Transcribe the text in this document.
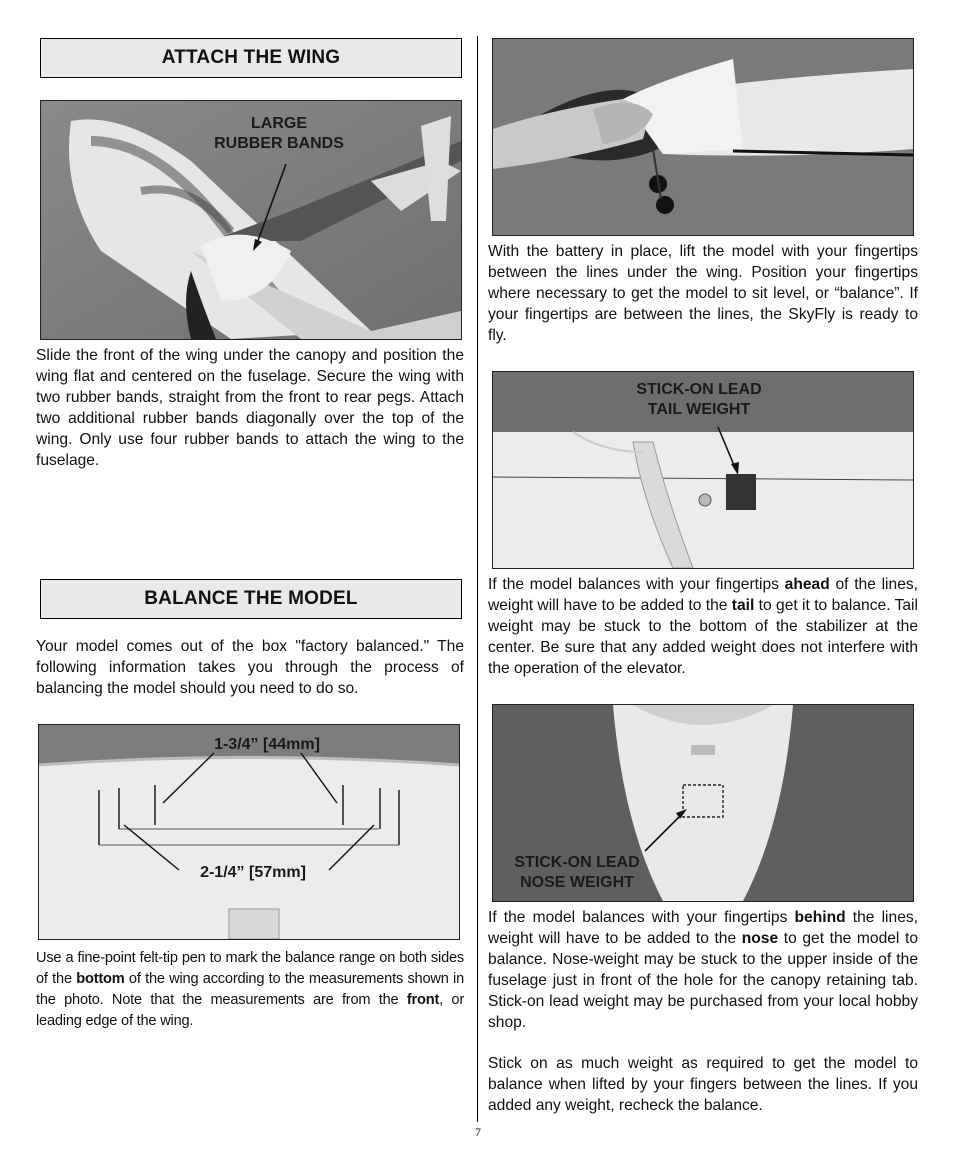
ATTACH THE WING
LARGE
RUBBER BANDS

Slide the front of the wing under the canopy and position the wing flat and centered on the fuselage. Secure the wing with two rubber bands, straight from the front to rear pegs. Attach two additional rubber bands diagonally over the top of the wing. Only use four rubber bands to attach the wing to the fuselage.

BALANCE THE MODEL

Your model comes out of the box "factory balanced." The following information takes you through the process of balancing the model should you need to do so.

1-3/4” [44mm]
2-1/4” [57mm]

Use a fine-point felt-tip pen to mark the balance range on both sides of the bottom of the wing according to the measurements shown in the photo. Note that the measurements are from the front, or leading edge of the wing.

With the battery in place, lift the model with your fingertips between the lines under the wing. Position your fingertips where necessary to get the model to sit level, or “balance”. If your fingertips are between the lines, the SkyFly is ready to fly.

STICK-ON LEAD
TAIL WEIGHT

If the model balances with your fingertips ahead of the lines, weight will have to be added to the tail to get it to balance. Tail weight may be stuck to the bottom of the stabilizer at the center. Be sure that any added weight does not interfere with the operation of the elevator.

STICK-ON LEAD
NOSE WEIGHT

If the model balances with your fingertips behind the lines, weight will have to be added to the nose to get the model to balance. Nose-weight may be stuck to the upper inside of the fuselage just in front of the hole for the canopy retaining tab. Stick-on lead weight may be purchased from your local hobby shop.

Stick on as much weight as required to get the model to balance when lifted by your fingers between the lines. If you added any weight, recheck the balance.

7
